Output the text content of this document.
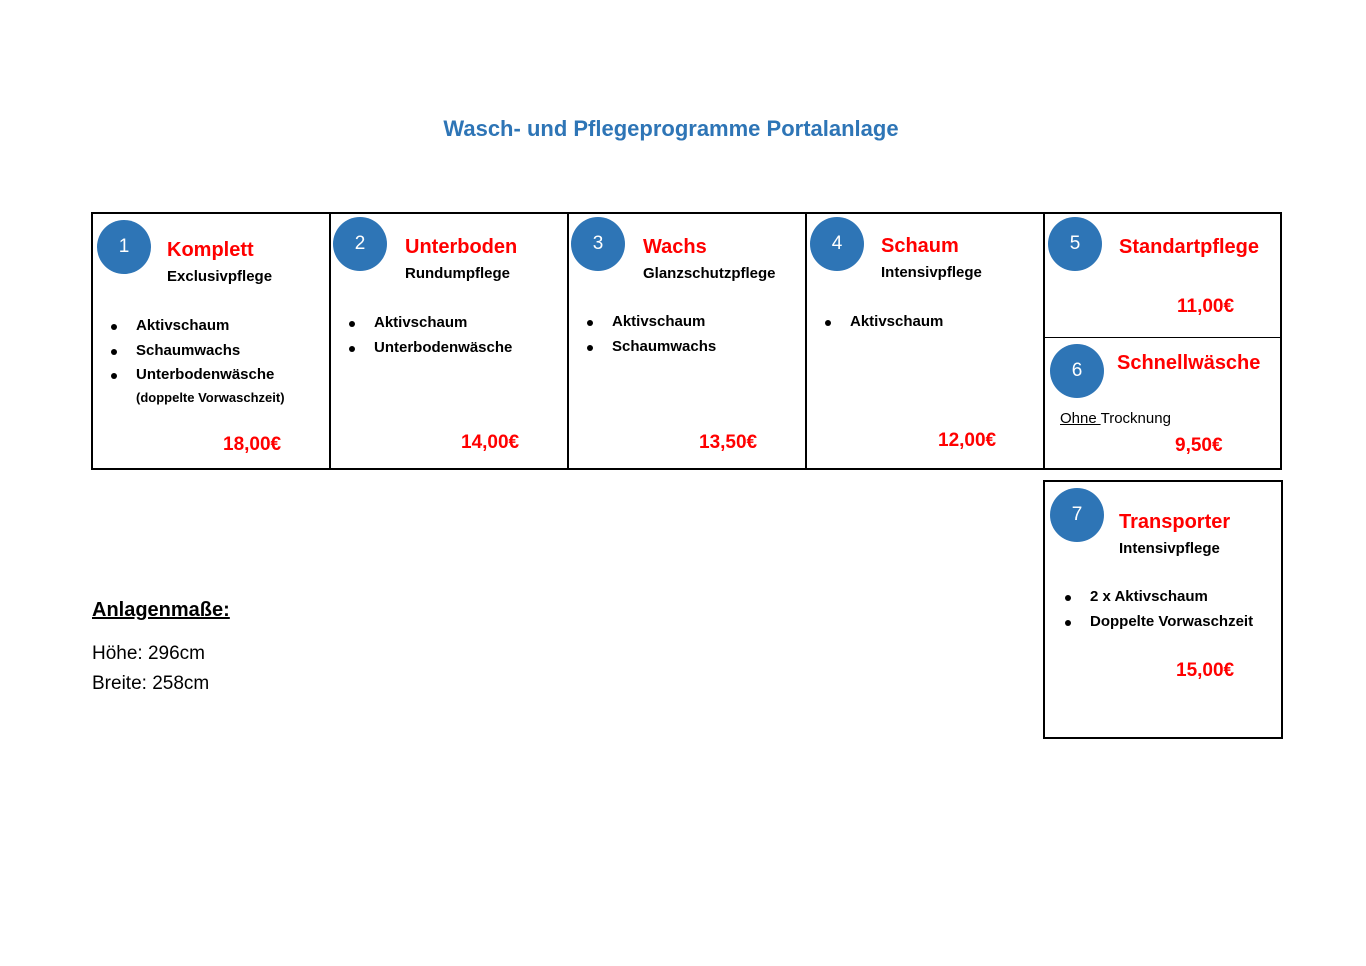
Wasch- und Pflegeprogramme Portalanlage
1	Komplett
Exclusivpflege
Aktivschaum
Schaumwachs
Unterbodenwäsche
(doppelte Vorwaschzeit)
18,00€
2	Unterboden
Rundumpflege
Aktivschaum
Unterbodenwäsche
14,00€
3	Wachs
Glanzschutzpflege
Aktivschaum
Schaumwachs
13,50€
4	Schaum
Intensivpflege
Aktivschaum
12,00€
5	Standartpflege
11,00€
6	Schnellwäsche
Ohne Trocknung
9,50€
7	Transporter
Intensivpflege
2 x Aktivschaum
Doppelte Vorwaschzeit
15,00€
Anlagenmaße:
Höhe: 296cm
Breite: 258cm
